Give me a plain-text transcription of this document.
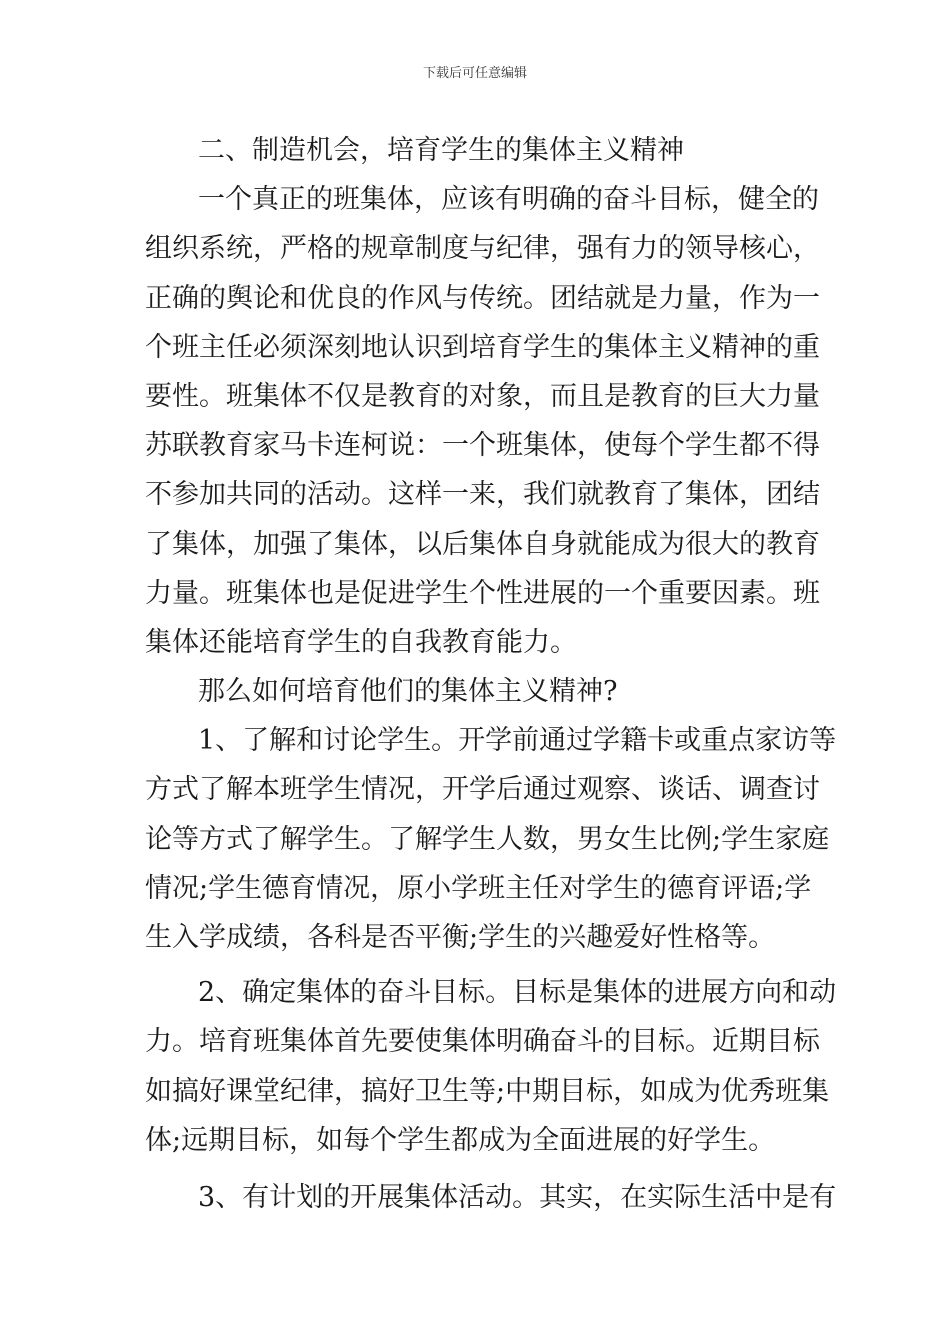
下载后可任意编辑
二、制造机会，培育学生的集体主义精神
一个真正的班集体，应该有明确的奋斗目标，健全的
组织系统，严格的规章制度与纪律，强有力的领导核心，
正确的舆论和优良的作风与传统。团结就是力量，作为一
个班主任必须深刻地认识到培育学生的集体主义精神的重
要性。班集体不仅是教育的对象，而且是教育的巨大力量
苏联教育家马卡连柯说：一个班集体，使每个学生都不得
不参加共同的活动。这样一来，我们就教育了集体，团结
了集体，加强了集体，以后集体自身就能成为很大的教育
力量。班集体也是促进学生个性进展的一个重要因素。班
集体还能培育学生的自我教育能力。
那么如何培育他们的集体主义精神?
1、了解和讨论学生。开学前通过学籍卡或重点家访等
方式了解本班学生情况，开学后通过观察、谈话、调查讨
论等方式了解学生。了解学生人数，男女生比例;学生家庭
情况;学生德育情况，原小学班主任对学生的德育评语;学
生入学成绩，各科是否平衡;学生的兴趣爱好性格等。
2、确定集体的奋斗目标。目标是集体的进展方向和动
力。培育班集体首先要使集体明确奋斗的目标。近期目标
如搞好课堂纪律，搞好卫生等;中期目标，如成为优秀班集
体;远期目标，如每个学生都成为全面进展的好学生。
3、有计划的开展集体活动。其实，在实际生活中是有
